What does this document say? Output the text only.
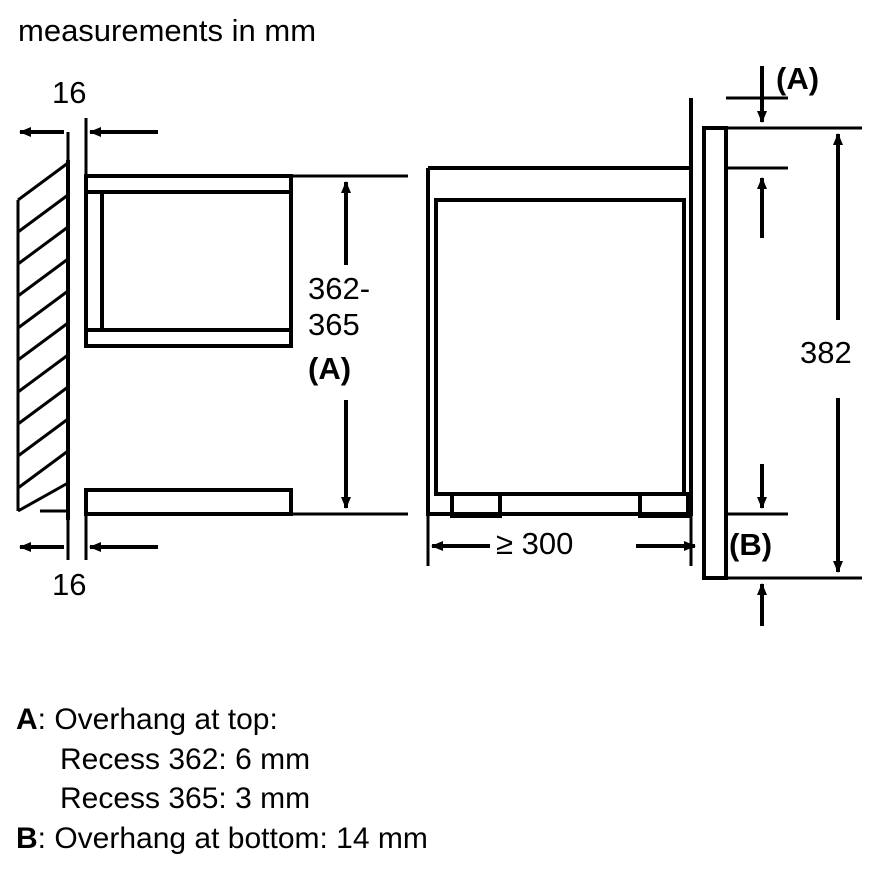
measurements in mm
16
16
362-
365
(A)
≥ 300
382
(A)
(B)
A: Overhang at top:
Recess 362: 6 mm
Recess 365: 3 mm
B: Overhang at bottom: 14 mm
